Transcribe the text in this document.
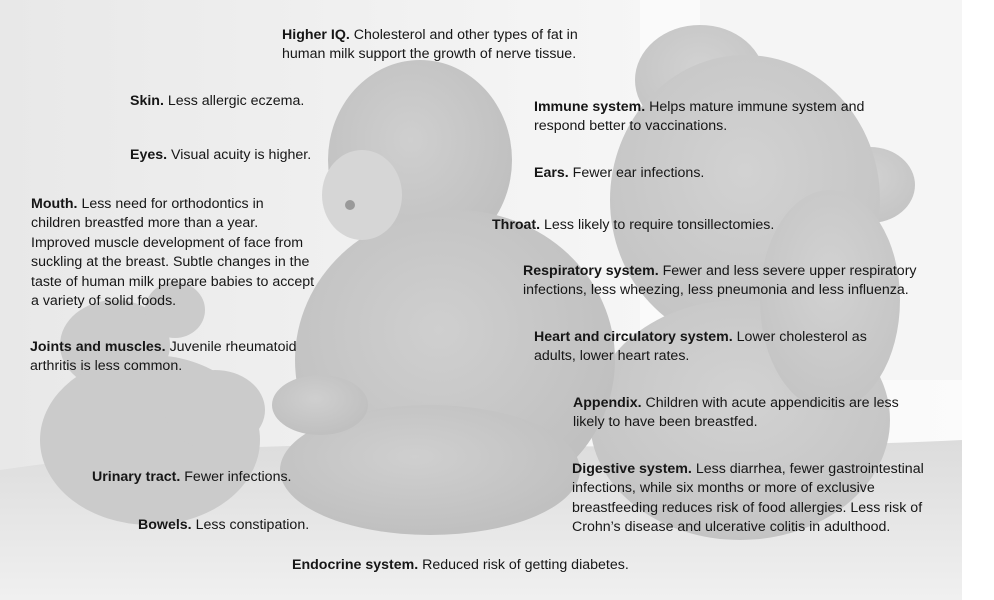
Higher IQ. Cholesterol and other types of fat in human milk support the growth of nerve tissue.
Skin. Less allergic eczema.
Eyes. Visual acuity is higher.
Mouth. Less need for orthodontics in children breastfed more than a year. Improved muscle development of face from suckling at the breast. Subtle changes in the taste of human milk prepare babies to accept a variety of solid foods.
Joints and muscles. Juvenile rheumatoid arthritis is less common.
Urinary tract. Fewer infections.
Bowels. Less constipation.
Endocrine system. Reduced risk of getting diabetes.
Immune system. Helps mature immune system and respond better to vaccinations.
Ears. Fewer ear infections.
Throat. Less likely to require tonsillectomies.
Respiratory system. Fewer and less severe upper respiratory infections, less wheezing, less pneumonia and less influenza.
Heart and circulatory system. Lower cholesterol as adults, lower heart rates.
Appendix. Children with acute appendicitis are less likely to have been breastfed.
Digestive system. Less diarrhea, fewer gastrointestinal infections, while six months or more of exclusive breastfeeding reduces risk of food allergies. Less risk of Crohn’s disease and ulcerative colitis in adulthood.
